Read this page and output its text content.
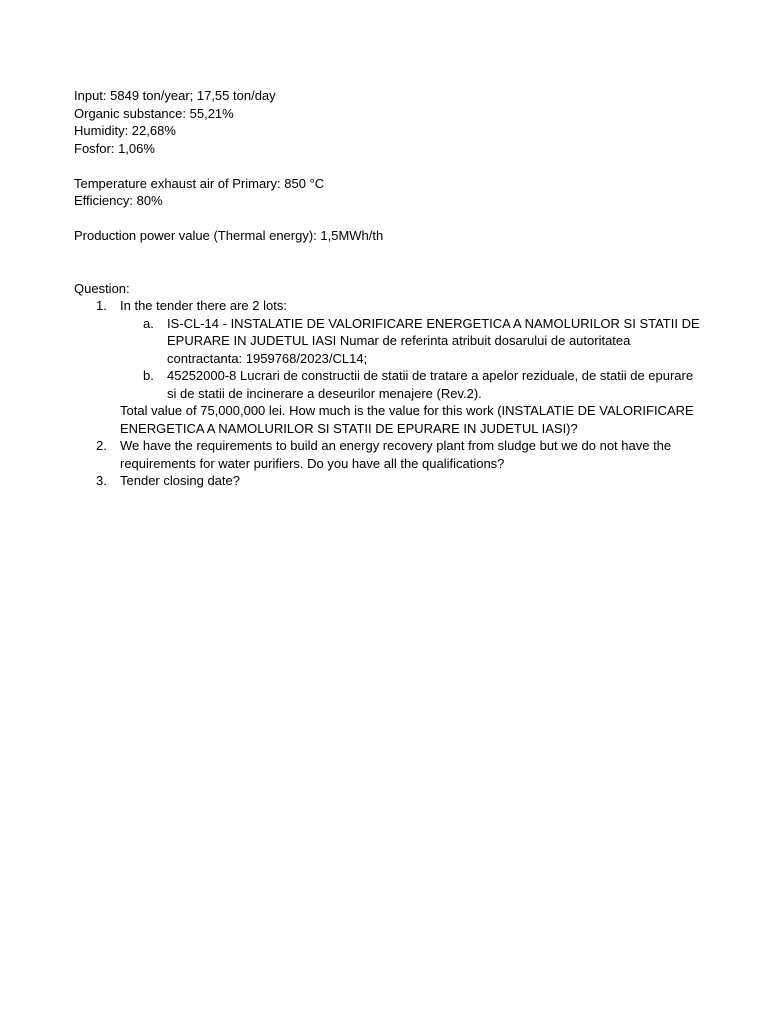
Input: 5849 ton/year; 17,55 ton/day

Organic substance: 55,21%

Humidity: 22,68%

Fosfor: 1,06%

Temperature exhaust air of Primary: 850 °C

Efficiency: 80%

Production power value (Thermal energy): 1,5MWh/th

Question:

1. In the tender there are 2 lots:
a. IS-CL-14 - INSTALATIE DE VALORIFICARE ENERGETICA A NAMOLURILOR SI STATII DE EPURARE IN JUDETUL IASI Numar de referinta atribuit dosarului de autoritatea contractanta: 1959768/2023/CL14;
b. 45252000-8 Lucrari de constructii de statii de tratare a apelor reziduale, de statii de epurare si de statii de incinerare a deseurilor menajere (Rev.2).
Total value of 75,000,000 lei. How much is the value for this work (INSTALATIE DE VALORIFICARE ENERGETICA A NAMOLURILOR SI STATII DE EPURARE IN JUDETUL IASI)?
2. We have the requirements to build an energy recovery plant from sludge but we do not have the requirements for water purifiers. Do you have all the qualifications?
3. Tender closing date?
